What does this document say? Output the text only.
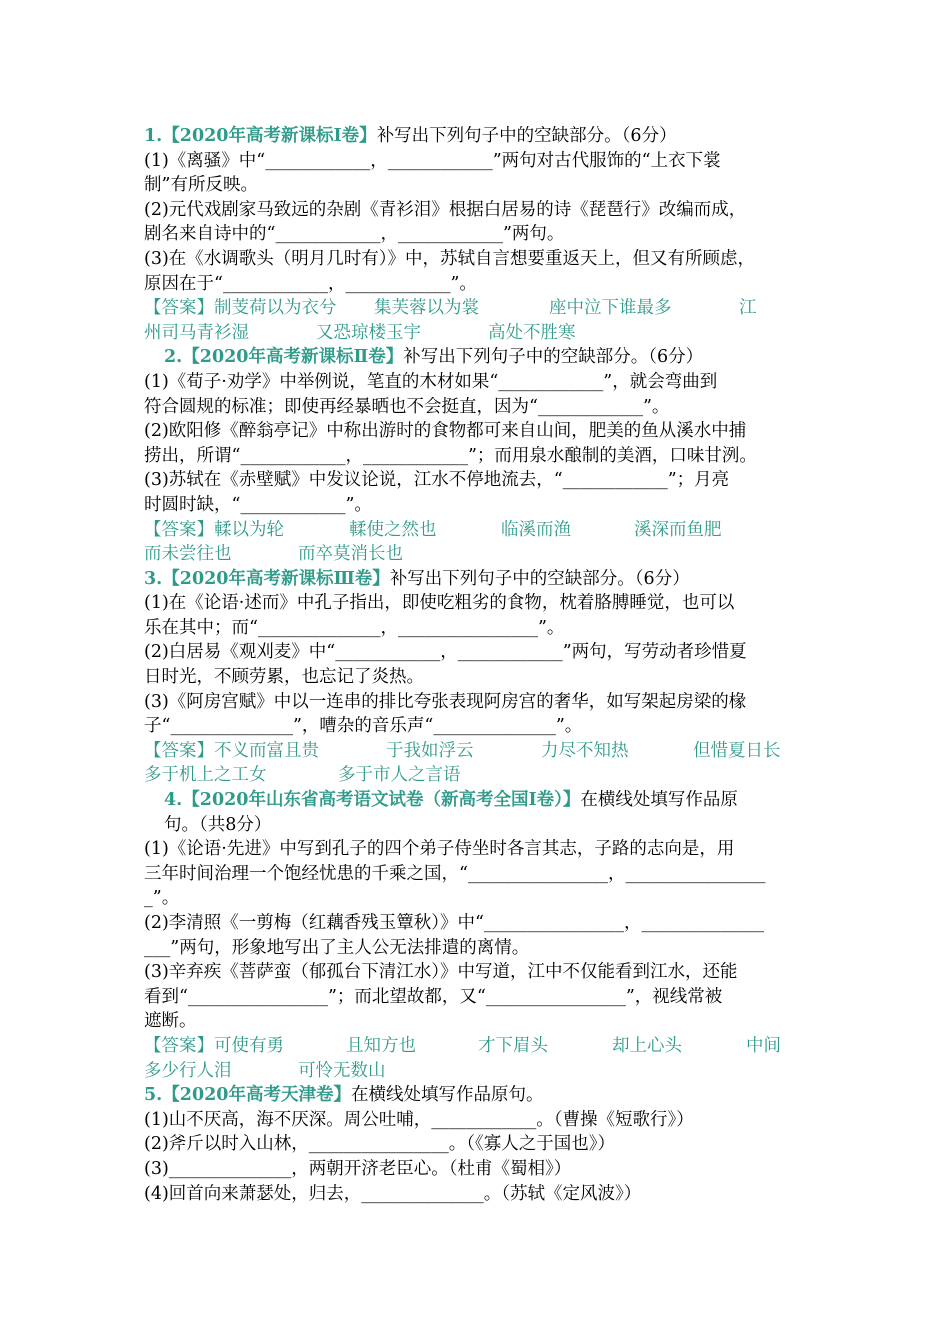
1.【2020年高考新课标Ⅰ卷】补写出下列句子中的空缺部分。（6分）
(1)《离骚》中“____________，____________”两句对古代服饰的“上衣下裳
制”有所反映。
(2)元代戏剧家马致远的杂剧《青衫泪》根据白居易的诗《琵琶行》改编而成，
剧名来自诗中的“____________，____________”两句。
(3)在《水调歌头（明月几时有）》中，苏轼自言想要重返天上，但又有所顾虑，
原因在于“____________，____________”。
【答案】制芰荷以为衣兮 集芙蓉以为裳	座中泣下谁最多	江
州司马青衫湿	又恐琼楼玉宇	高处不胜寒
2.【2020年高考新课标Ⅱ卷】补写出下列句子中的空缺部分。（6分）
(1)《荀子·劝学》中举例说，笔直的木材如果“____________”，就会弯曲到
符合圆规的标准；即使再经暴晒也不会挺直，因为“____________”。
(2)欧阳修《醉翁亭记》中称出游时的食物都可来自山间，肥美的鱼从溪水中捕
捞出，所谓“____________，____________”；而用泉水酿制的美酒，口味甘洌。
(3)苏轼在《赤壁赋》中发议论说，江水不停地流去，“____________”；月亮
时圆时缺，“____________”。
【答案】輮以为轮	輮使之然也	临溪而渔	溪深而鱼肥
而未尝往也	而卒莫消长也
3.【2020年高考新课标Ⅲ卷】补写出下列句子中的空缺部分。（6分）
(1)在《论语·述而》中孔子指出，即使吃粗劣的食物，枕着胳膊睡觉，也可以
乐在其中；而“______________，________________”。
(2)白居易《观刈麦》中“____________，____________”两句，写劳动者珍惜夏
日时光，不顾劳累，也忘记了炎热。
(3)《阿房宫赋》中以一连串的排比夸张表现阿房宫的奢华，如写架起房梁的椽
子“______________”，嘈杂的音乐声“______________”。
【答案】不义而富且贵	于我如浮云	力尽不知热	但惜夏日长
多于机上之工女	多于市人之言语
4.【2020年山东省高考语文试卷（新高考全国Ⅰ卷）】在横线处填写作品原
句。（共8分）
(1)《论语·先进》中写到孔子的四个弟子侍坐时各言其志，子路的志向是，用
三年时间治理一个饱经忧患的千乘之国，“________________，________________
_”。
(2)李清照《一剪梅（红藕香残玉簟秋）》中“________________，______________
___”两句，形象地写出了主人公无法排遣的离情。
(3)辛弃疾《菩萨蛮（郁孤台下清江水）》中写道，江中不仅能看到江水，还能
看到“________________”；而北望故都，又“________________”，视线常被
遮断。
【答案】可使有勇	且知方也	才下眉头	却上心头	中间
多少行人泪	可怜无数山
5.【2020年高考天津卷】在横线处填写作品原句。
(1)山不厌高，海不厌深。周公吐哺，____________。（曹操《短歌行》）
(2)斧斤以时入山林，________________。（《寡人之于国也》）
(3)______________，两朝开济老臣心。（杜甫《蜀相》）
(4)回首向来萧瑟处，归去，______________。（苏轼《定风波》）
